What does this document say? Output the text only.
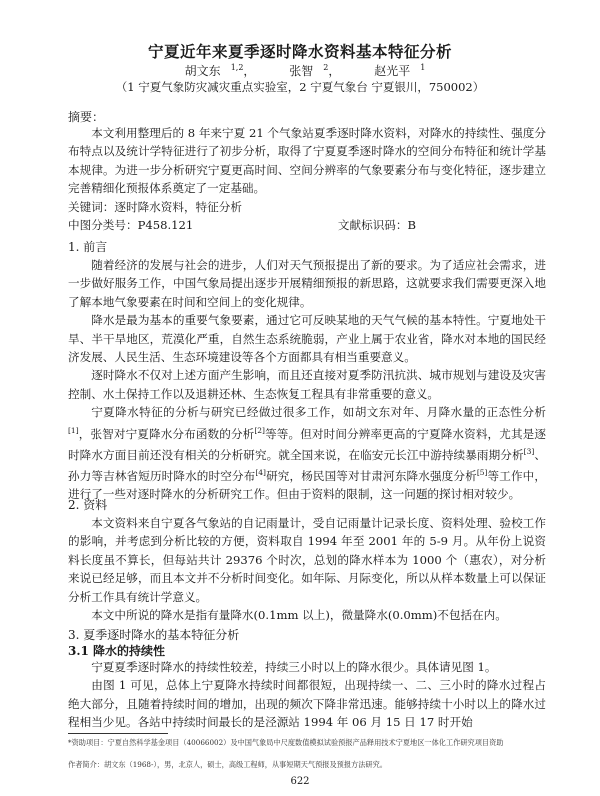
宁夏近年来夏季逐时降水资料基本特征分析
胡文东 $^{1,2}$，	张智 $^2$，	赵光平 $^1$
（1 宁夏气象防灾减灾重点实验室，2 宁夏气象台 宁夏银川，750002）
摘要：

本文利用整理后的 8 年来宁夏 21 个气象站夏季逐时降水资料，对降水的持续性、强度分布特点以及统计学特征进行了初步分析，取得了宁夏夏季逐时降水的空间分布特征和统计学基本规律。为进一步分析研究宁夏更高时间、空间分辨率的气象要素分布与变化特征，逐步建立完善精细化预报体系奠定了一定基础。

关键词：逐时降水资料，特征分析

中图分类号：P458.121	文献标识码：B
1. 前言

随着经济的发展与社会的进步，人们对天气预报提出了新的要求。为了适应社会需求，进一步做好服务工作，中国气象局提出逐步开展精细预报的新思路，这就要求我们需要更深入地了解本地气象要素在时间和空间上的变化规律。

降水是最为基本的重要气象要素，通过它可反映某地的天气气候的基本特性。宁夏地处干旱、半干旱地区，荒漠化严重，自然生态系统脆弱，产业上属于农业省，降水对本地的国民经济发展、人民生活、生态环境建设等各个方面都具有相当重要意义。

逐时降水不仅对上述方面产生影响，而且还直接对夏季防汛抗洪、城市规划与建设及灾害控制、水土保持工作以及退耕还林、生态恢复工程具有非常重要的意义。

宁夏降水特征的分析与研究已经做过很多工作，如胡文东对年、月降水量的正态性分析[1]，张智对宁夏降水分布函数的分析[2]等等。但对时间分辨率更高的宁夏降水资料，尤其是逐时降水方面目前还没有相关的分析研究。就全国来说，在临安元长江中游持续暴雨期分析[3]、孙力等吉林省短历时降水的时空分布[4]研究，杨民国等对甘肃河东降水强度分析[5]等工作中，进行了一些对逐时降水的分析研究工作。但由于资料的限制，这一问题的探讨相对较少。

2. 资料

本文资料来自宁夏各气象站的自记雨量计，受自记雨量计记录长度、资料处理、验校工作的影响，并考虑到分析比较的方便，资料取自 1994 年至 2001 年的 5-9 月。从年份上说资料长度虽不算长，但每站共计 29376 个时次，总划的降水样本为 1000 个（惠农），对分析来说已经足够，而且本文并不分析时间变化。如年际、月际变化，所以从样本数量上可以保证分析工作具有统计学意义。

本文中所说的降水是指有量降水(0.1mm 以上)，微量降水(0.0mm)不包括在内。

3. 夏季逐时降水的基本特征分析
3.1 降水的持续性

宁夏夏季逐时降水的持续性较差，持续三小时以上的降水很少。具体请见图 1。

由图 1 可见，总体上宁夏降水持续时间都很短，出现持续一、二、三小时的降水过程占绝大部分，且随着持续时间的增加，出现的频次下降非常迅速。能够持续十小时以上的降水过程相当少见。各站中持续时间最长的是泾源站 1994 年 06 月 15 日 17 时开始

*资助项目：宁夏自然科学基金项目（40066002）及中国气象局中尺度数值模拟试验预报产品释用技术宁夏地区一体化工作研究项目资助
作者简介：胡文东（1968-），男，北京人，硕士，高级工程师，从事短期天气预报及预报方法研究。
622
